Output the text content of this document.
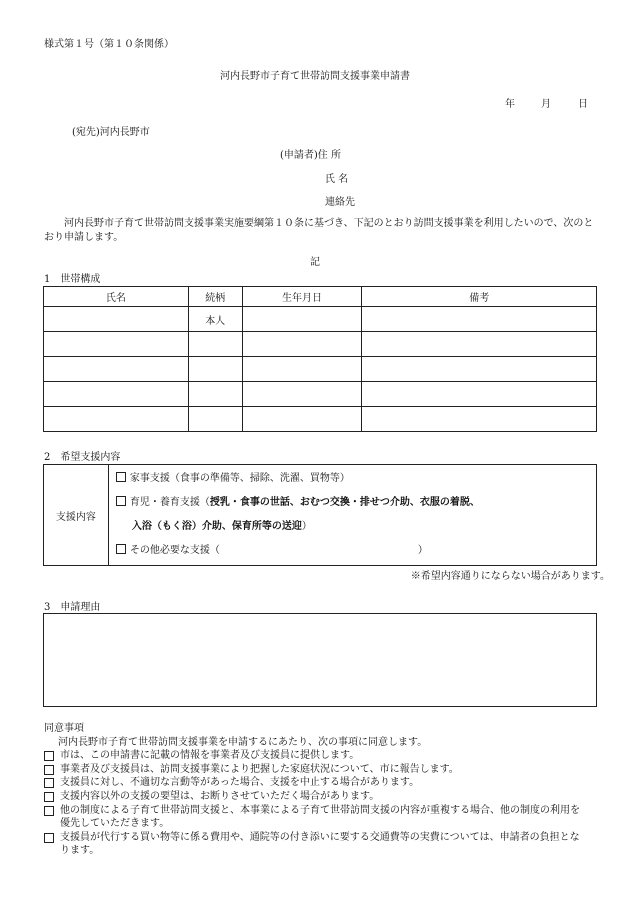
様式第１号（第１０条関係）
河内長野市子育て世帯訪問支援事業申請書
年	月	日
(宛先)河内長野市
(申請者)住 所
氏 名
連絡先
河内長野市子育て世帯訪問支援事業実施要綱第１０条に基づき、下記のとおり訪問支援事業を利用したいので、次のとおり申請します。
記
1　世帯構成
氏名	続柄	生年月日	備考
	本人		

2　希望支援内容
支援内容	
家事支援（食事の準備等、掃除、洗濯、買物等）
育児・養育支援（授乳・食事の世話、おむつ交換・排せつ介助、衣服の着脱、
入浴（もく浴）介助、保育所等の送迎）
その他必要な支援（	）
※希望内容通りにならない場合があります。
3　申請理由

同意事項

河内長野市子育て世帯訪問支援事業を申請するにあたり、次の事項に同意します。

市は、この申請書に記載の情報を事業者及び支援員に提供します。

事業者及び支援員は、訪問支援事業により把握した家庭状況について、市に報告します。

支援員に対し、不適切な言動等があった場合、支援を中止する場合があります。

支援内容以外の支援の要望は、お断りさせていただく場合があります。

他の制度による子育て世帯訪問支援と、本事業による子育て世帯訪問支援の内容が重複する場合、他の制度の利用を優先していただきます。

支援員が代行する買い物等に係る費用や、通院等の付き添いに要する交通費等の実費については、申請者の負担となります。
